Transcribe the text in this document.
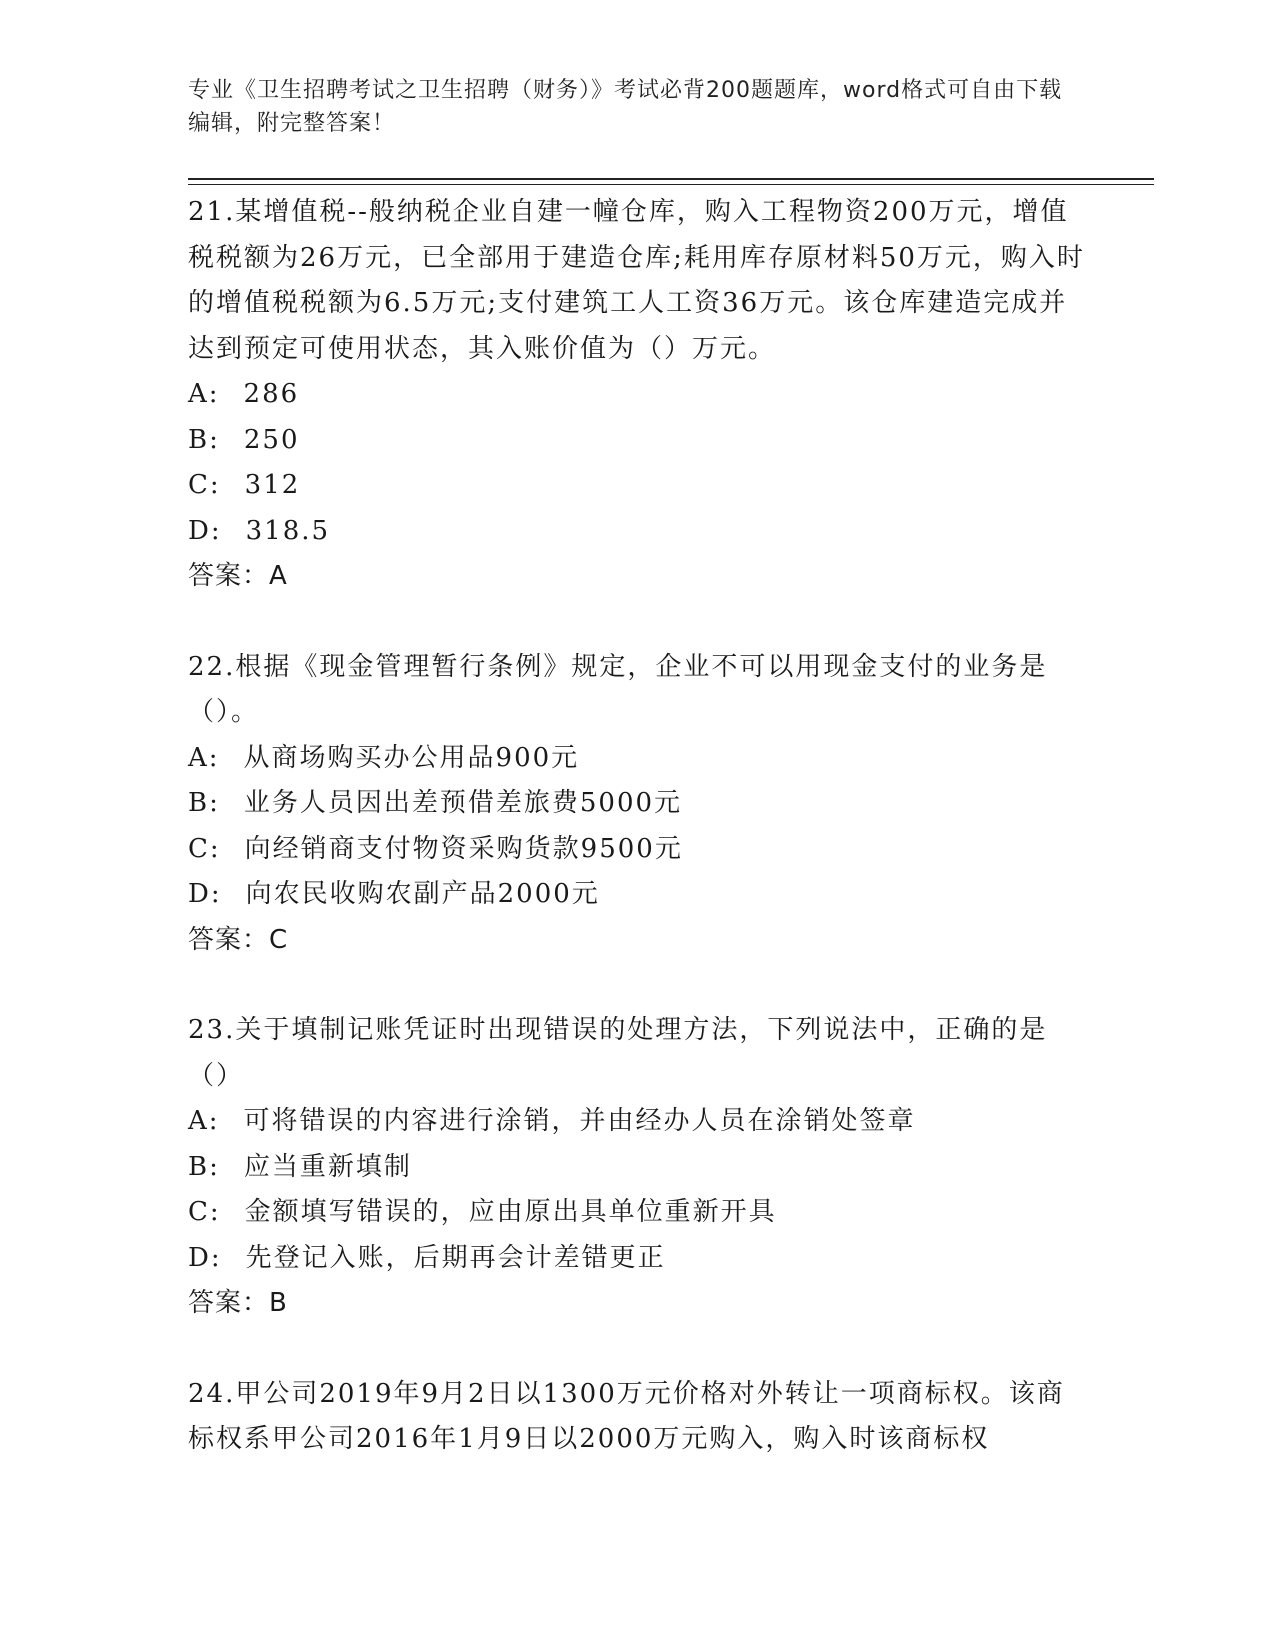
专业《卫生招聘考试之卫生招聘（财务）》考试必背200题题库，word格式可自由下载编辑，附完整答案！
21.某增值税--般纳税企业自建一幢仓库，购入工程物资200万元，增值税税额为26万元，已全部用于建造仓库;耗用库存原材料50万元，购入时的增值税税额为6.5万元;支付建筑工人工资36万元。该仓库建造完成并达到预定可使用状态，其入账价值为（）万元。
A: 286
B: 250
C: 312
D: 318.5
答案：A
22.根据《现金管理暂行条例》规定，企业不可以用现金支付的业务是（）。
A: 从商场购买办公用品900元
B: 业务人员因出差预借差旅费5000元
C: 向经销商支付物资采购货款9500元
D: 向农民收购农副产品2000元
答案：C
23.关于填制记账凭证时出现错误的处理方法，下列说法中，正确的是（）
A: 可将错误的内容进行涂销，并由经办人员在涂销处签章
B: 应当重新填制
C: 金额填写错误的，应由原出具单位重新开具
D: 先登记入账，后期再会计差错更正
答案：B
24.甲公司2019年9月2日以1300万元价格对外转让一项商标权。该商标权系甲公司2016年1月9日以2000万元购入，购入时该商标权
